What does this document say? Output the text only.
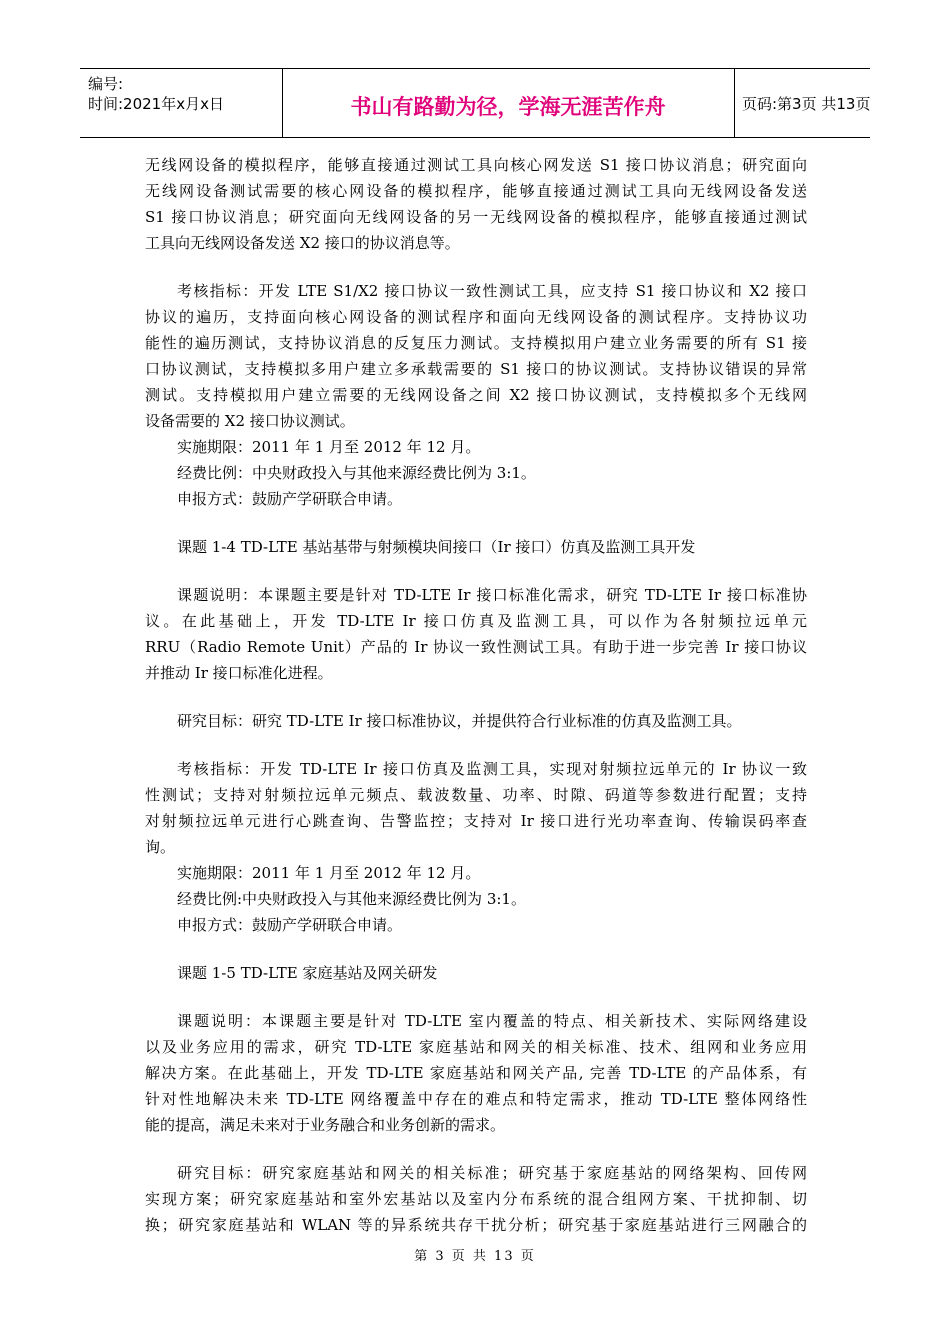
编号:
时间:2021年x月x日	书山有路勤为径，学海无涯苦作舟	页码:第3页 共13页
无线网设备的模拟程序，能够直接通过测试工具向核心网发送 S1 接口协议消息；研究面向
无线网设备测试需要的核心网设备的模拟程序，能够直接通过测试工具向无线网设备发送
S1 接口协议消息；研究面向无线网设备的另一无线网设备的模拟程序，能够直接通过测试
工具向无线网设备发送 X2 接口的协议消息等。
考核指标：开发 LTE S1/X2 接口协议一致性测试工具，应支持 S1 接口协议和 X2 接口
协议的遍历，支持面向核心网设备的测试程序和面向无线网设备的测试程序。支持协议功
能性的遍历测试，支持协议消息的反复压力测试。支持模拟用户建立业务需要的所有 S1 接
口协议测试，支持模拟多用户建立多承载需要的 S1 接口的协议测试。支持协议错误的异常
测试。支持模拟用户建立需要的无线网设备之间 X2 接口协议测试，支持模拟多个无线网
设备需要的 X2 接口协议测试。
实施期限：2011 年 1 月至 2012 年 12 月。
经费比例：中央财政投入与其他来源经费比例为 3:1。
申报方式：鼓励产学研联合申请。
课题 1-4 TD-LTE 基站基带与射频模块间接口（Ir 接口）仿真及监测工具开发
课题说明：本课题主要是针对 TD-LTE Ir 接口标准化需求，研究 TD-LTE Ir 接口标准协
议。在此基础上，开发 TD-LTE Ir 接口仿真及监测工具，可以作为各射频拉远单元
RRU（Radio Remote Unit）产品的 Ir 协议一致性测试工具。有助于进一步完善 Ir 接口协议
并推动 Ir 接口标准化进程。
研究目标：研究 TD-LTE Ir 接口标准协议，并提供符合行业标准的仿真及监测工具。
考核指标：开发 TD-LTE Ir 接口仿真及监测工具，实现对射频拉远单元的 Ir 协议一致
性测试；支持对射频拉远单元频点、载波数量、功率、时隙、码道等参数进行配置；支持
对射频拉远单元进行心跳查询、告警监控；支持对 Ir 接口进行光功率查询、传输误码率查
询。
实施期限：2011 年 1 月至 2012 年 12 月。
经费比例:中央财政投入与其他来源经费比例为 3:1。
申报方式：鼓励产学研联合申请。
课题 1-5 TD-LTE 家庭基站及网关研发
课题说明：本课题主要是针对 TD-LTE 室内覆盖的特点、相关新技术、实际网络建设
以及业务应用的需求，研究 TD-LTE 家庭基站和网关的相关标准、技术、组网和业务应用
解决方案。在此基础上，开发 TD-LTE 家庭基站和网关产品, 完善 TD-LTE 的产品体系，有
针对性地解决未来 TD-LTE 网络覆盖中存在的难点和特定需求，推动 TD-LTE 整体网络性
能的提高，满足未来对于业务融合和业务创新的需求。
研究目标：研究家庭基站和网关的相关标准；研究基于家庭基站的网络架构、回传网
实现方案；研究家庭基站和室外宏基站以及室内分布系统的混合组网方案、干扰抑制、切
换；研究家庭基站和 WLAN 等的异系统共存干扰分析；研究基于家庭基站进行三网融合的
第 3 页 共 13 页
